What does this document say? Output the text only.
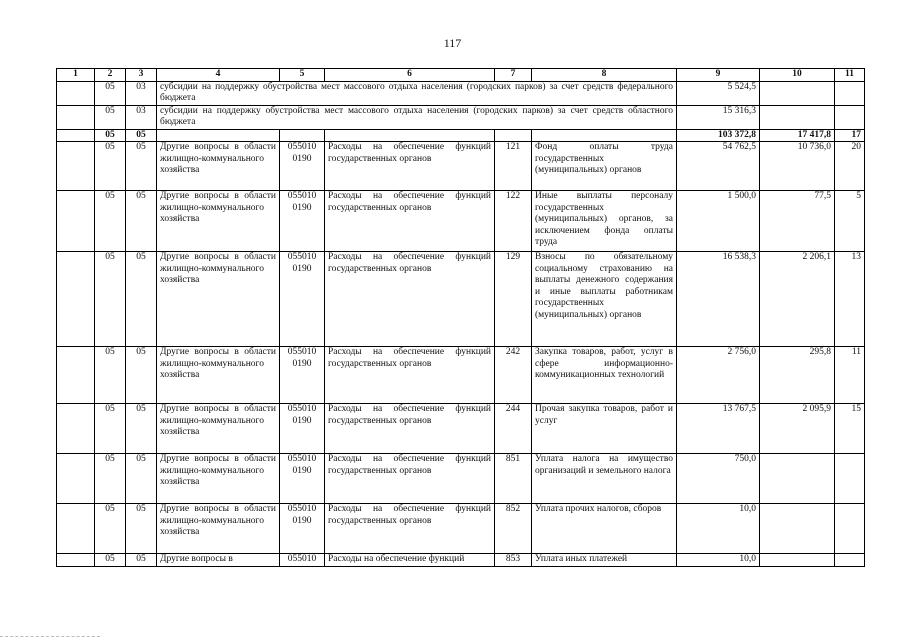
117
1	2	3	4	5	6	7	8	9	10	11
	05	03	субсидии на поддержку обустройства мест массового отдыха населения (городских парков) за счет средств федерального бюджета					5 524,5		
	05	03	субсидии на поддержку обустройства мест массового отдыха населения (городских парков) за счет средств областного бюджета					15 316,3		
	05	05						103 372,8	17 417,8	17
	05	05	Другие вопросы в области жилищно-коммунального хозяйства	055010 0190	Расходы на обеспечение функций государственных органов	121	Фонд оплаты труда государственных (муниципальных) органов	54 762,5	10 736,0	20
	05	05	Другие вопросы в области жилищно-коммунального хозяйства	055010 0190	Расходы на обеспечение функций государственных органов	122	Иные выплаты персоналу государственных (муниципальных) органов, за исключением фонда оплаты труда	1 500,0	77,5	5
	05	05	Другие вопросы в области жилищно-коммунального хозяйства	055010 0190	Расходы на обеспечение функций государственных органов	129	Взносы по обязательному социальному страхованию на выплаты денежного содержания и иные выплаты работникам государственных (муниципальных) органов	16 538,3	2 206,1	13
	05	05	Другие вопросы в области жилищно-коммунального хозяйства	055010 0190	Расходы на обеспечение функций государственных органов	242	Закупка товаров, работ, услуг в сфере информационно-коммуникационных технологий	2 756,0	295,8	11
	05	05	Другие вопросы в области жилищно-коммунального хозяйства	055010 0190	Расходы на обеспечение функций государственных органов	244	Прочая закупка товаров, работ и услуг	13 767,5	2 095,9	15
	05	05	Другие вопросы в области жилищно-коммунального хозяйства	055010 0190	Расходы на обеспечение функций государственных органов	851	Уплата налога на имущество организаций и земельного налога	750,0		
	05	05	Другие вопросы в области жилищно-коммунального хозяйства	055010 0190	Расходы на обеспечение функций государственных органов	852	Уплата прочих налогов, сборов	10,0		
	05	05	Другие вопросы в	055010	Расходы на обеспечение функций	853	Уплата иных платежей	10,0		
